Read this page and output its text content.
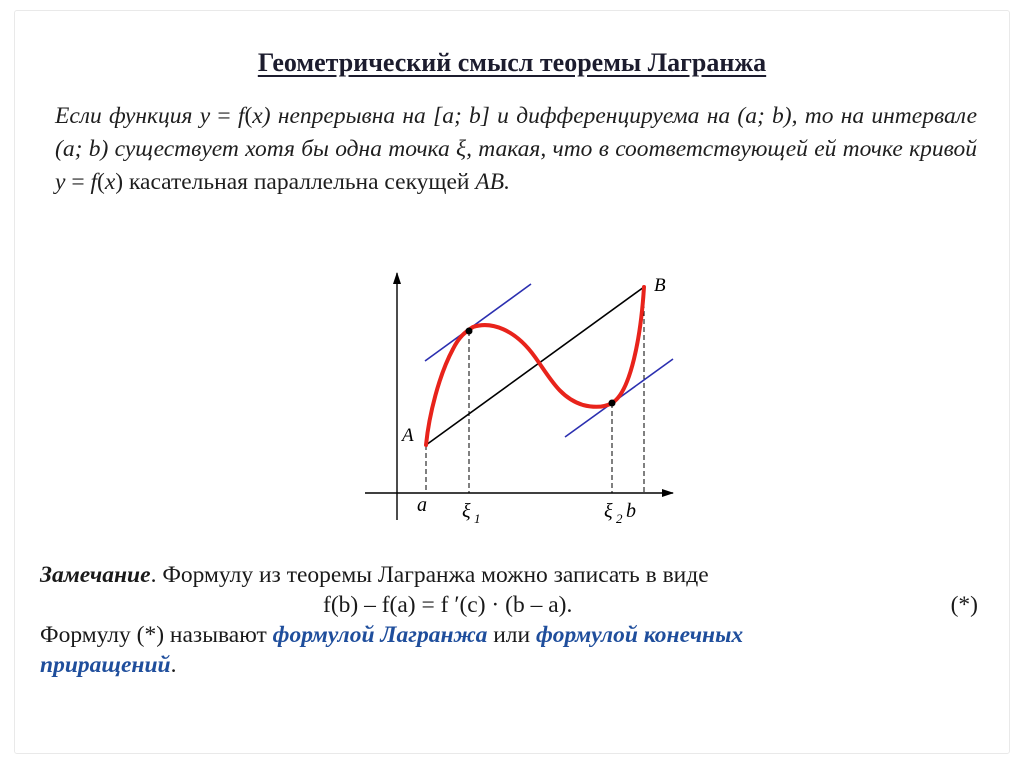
Геометрический смысл теоремы Лагранжа
Если функция y = f(x) непрерывна на [a; b] и дифференцируема на (a; b), то на интервале (a; b) существует хотя бы одна точка ξ, такая, что в соответствующей ей точке кривой y = f(x) касательная параллельна секущей AB.
B
A
a ξ 1	ξ 2 b
Замечание. Формулу из теоремы Лагранжа можно записать в виде
f(b) – f(a) = f ′(c) · (b – a).	(*)
Формулу (*) называют формулой Лагранжа или формулой конечных
приращений.
